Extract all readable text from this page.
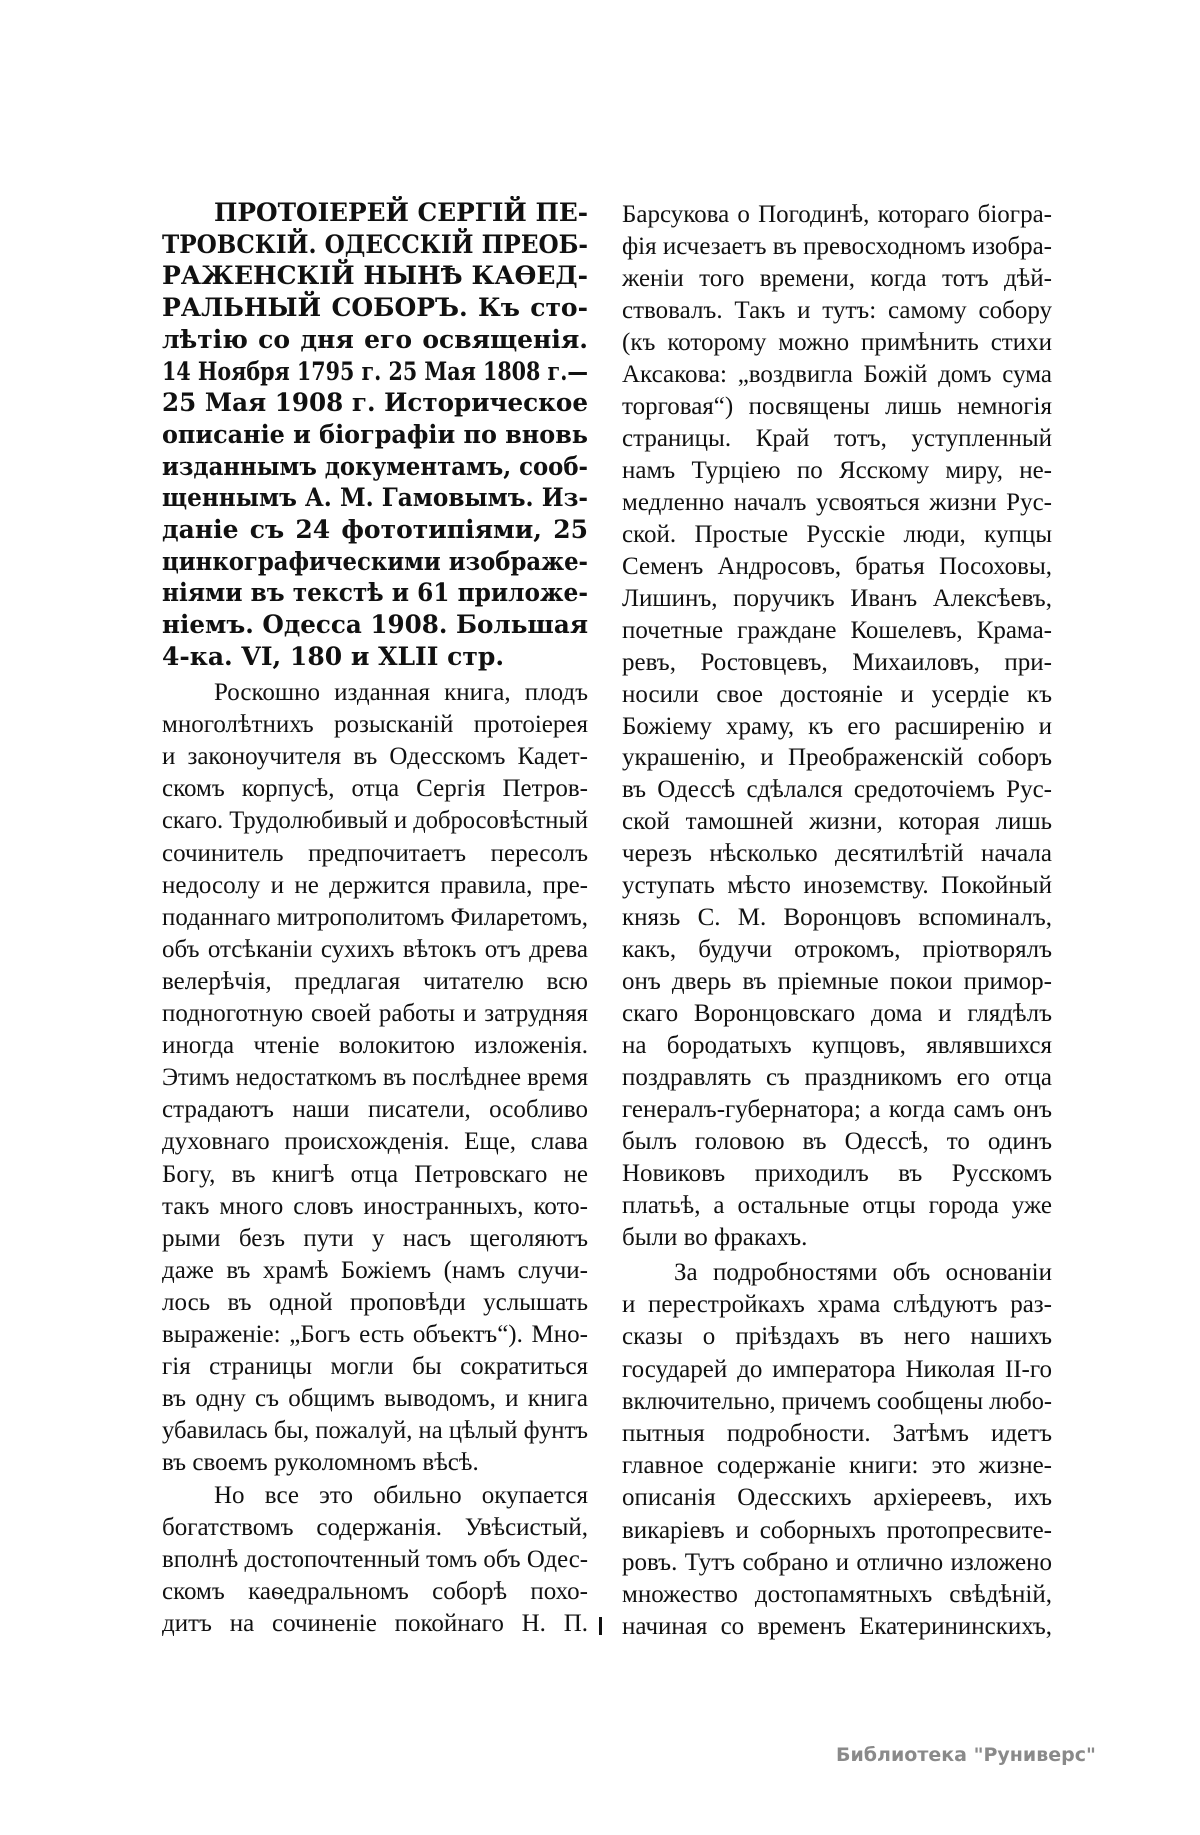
ПРОТОІЕРЕЙ СЕРГІЙ ПЕ-
ТРОВСКІЙ. ОДЕССКІЙ ПРЕОБ-
РАЖЕНСКІЙ НЫНѢ КАѲЕД-
РАЛЬНЫЙ СОБОРЪ. Къ сто-
лѣтію со дня его освященія.
14 Ноября 1795 г. 25 Мая 1808 г.—
25 Мая 1908 г. Историческое
описаніе и біографіи по вновь
изданнымъ документамъ, сооб-
щеннымъ А. М. Гамовымъ. Из-
даніе съ 24 фототипіями, 25
цинкографическими изображе-
ніями въ текстѣ и 61 приложе-
ніемъ. Одесса 1908. Большая
4-ка. VI, 180 и XLII стр.
Роскошно изданная книга, плодъ
многолѣтнихъ розысканій протоіерея
и законоучителя въ Одесскомъ Кадет-
скомъ корпусѣ, отца Сергія Петров-
скаго. Трудолюбивый и добросовѣстный
сочинитель предпочитаетъ пересолъ
недосолу и не держится правила, пре-
поданнаго митрополитомъ Филаретомъ,
объ отсѣканіи сухихъ вѣтокъ отъ древа
велерѣчія, предлагая читателю всю
подноготную своей работы и затрудняя
иногда чтеніе волокитою изложенія.
Этимъ недостаткомъ въ послѣднее время
страдаютъ наши писатели, особливо
духовнаго происхожденія. Еще, слава
Богу, въ книгѣ отца Петровскаго не
такъ много словъ иностранныхъ, кото-
рыми безъ пути у насъ щеголяютъ
даже въ храмѣ Божіемъ (намъ случи-
лось въ одной проповѣди услышать
выраженіе: „Богъ есть объектъ“). Мно-
гія страницы могли бы сократиться
въ одну съ общимъ выводомъ, и книга
убавилась бы, пожалуй, на цѣлый фунтъ
въ своемъ руколомномъ вѣсѣ.
Но все это обильно окупается
богатствомъ содержанія. Увѣсистый,
вполнѣ достопочтенный томъ объ Одес-
скомъ каѳедральномъ соборѣ похо-
дитъ на сочиненіе покойнаго Н. П.
Барсукова о Погодинѣ, котораго біогра-
фія исчезаетъ въ превосходномъ изобра-
женіи того времени, когда тотъ дѣй-
ствовалъ. Такъ и тутъ: самому собору
(къ которому можно примѣнить стихи
Аксакова: „воздвигла Божій домъ сума
торговая“) посвящены лишь немногія
страницы. Край тотъ, уступленный
намъ Турціею по Ясскому миру, не-
медленно началъ усвояться жизни Рус-
ской. Простые Русскіе люди, купцы
Семенъ Андросовъ, братья Посоховы,
Лишинъ, поручикъ Иванъ Алексѣевъ,
почетные граждане Кошелевъ, Крама-
ревъ, Ростовцевъ, Михаиловъ, при-
носили свое достояніе и усердіе къ
Божіему храму, къ его расширенію и
украшенію, и Преображенскій соборъ
въ Одессѣ сдѣлался средоточіемъ Рус-
ской тамошней жизни, которая лишь
черезъ нѣсколько десятилѣтій начала
уступать мѣсто иноземству. Покойный
князь С. М. Воронцовъ вспоминалъ,
какъ, будучи отрокомъ, пріотворялъ
онъ дверь въ пріемные покои примор-
скаго Воронцовскаго дома и глядѣлъ
на бородатыхъ купцовъ, являвшихся
поздравлять съ праздникомъ его отца
генералъ-губернатора; а когда самъ онъ
былъ головою въ Одессѣ, то одинъ
Новиковъ приходилъ въ Русскомъ
платьѣ, а остальные отцы города уже
были во фракахъ.
За подробностями объ основаніи
и перестройкахъ храма слѣдуютъ раз-
сказы о пріѣздахъ въ него нашихъ
государей до императора Николая II-го
включительно, причемъ сообщены любо-
пытныя подробности. Затѣмъ идетъ
главное содержаніе книги: это жизне-
описанія Одесскихъ архіереевъ, ихъ
викаріевъ и соборныхъ протопресвите-
ровъ. Тутъ собрано и отлично изложено
множество достопамятныхъ свѣдѣній,
начиная со временъ Екатерининскихъ,
Библиотека "Руниверс"
